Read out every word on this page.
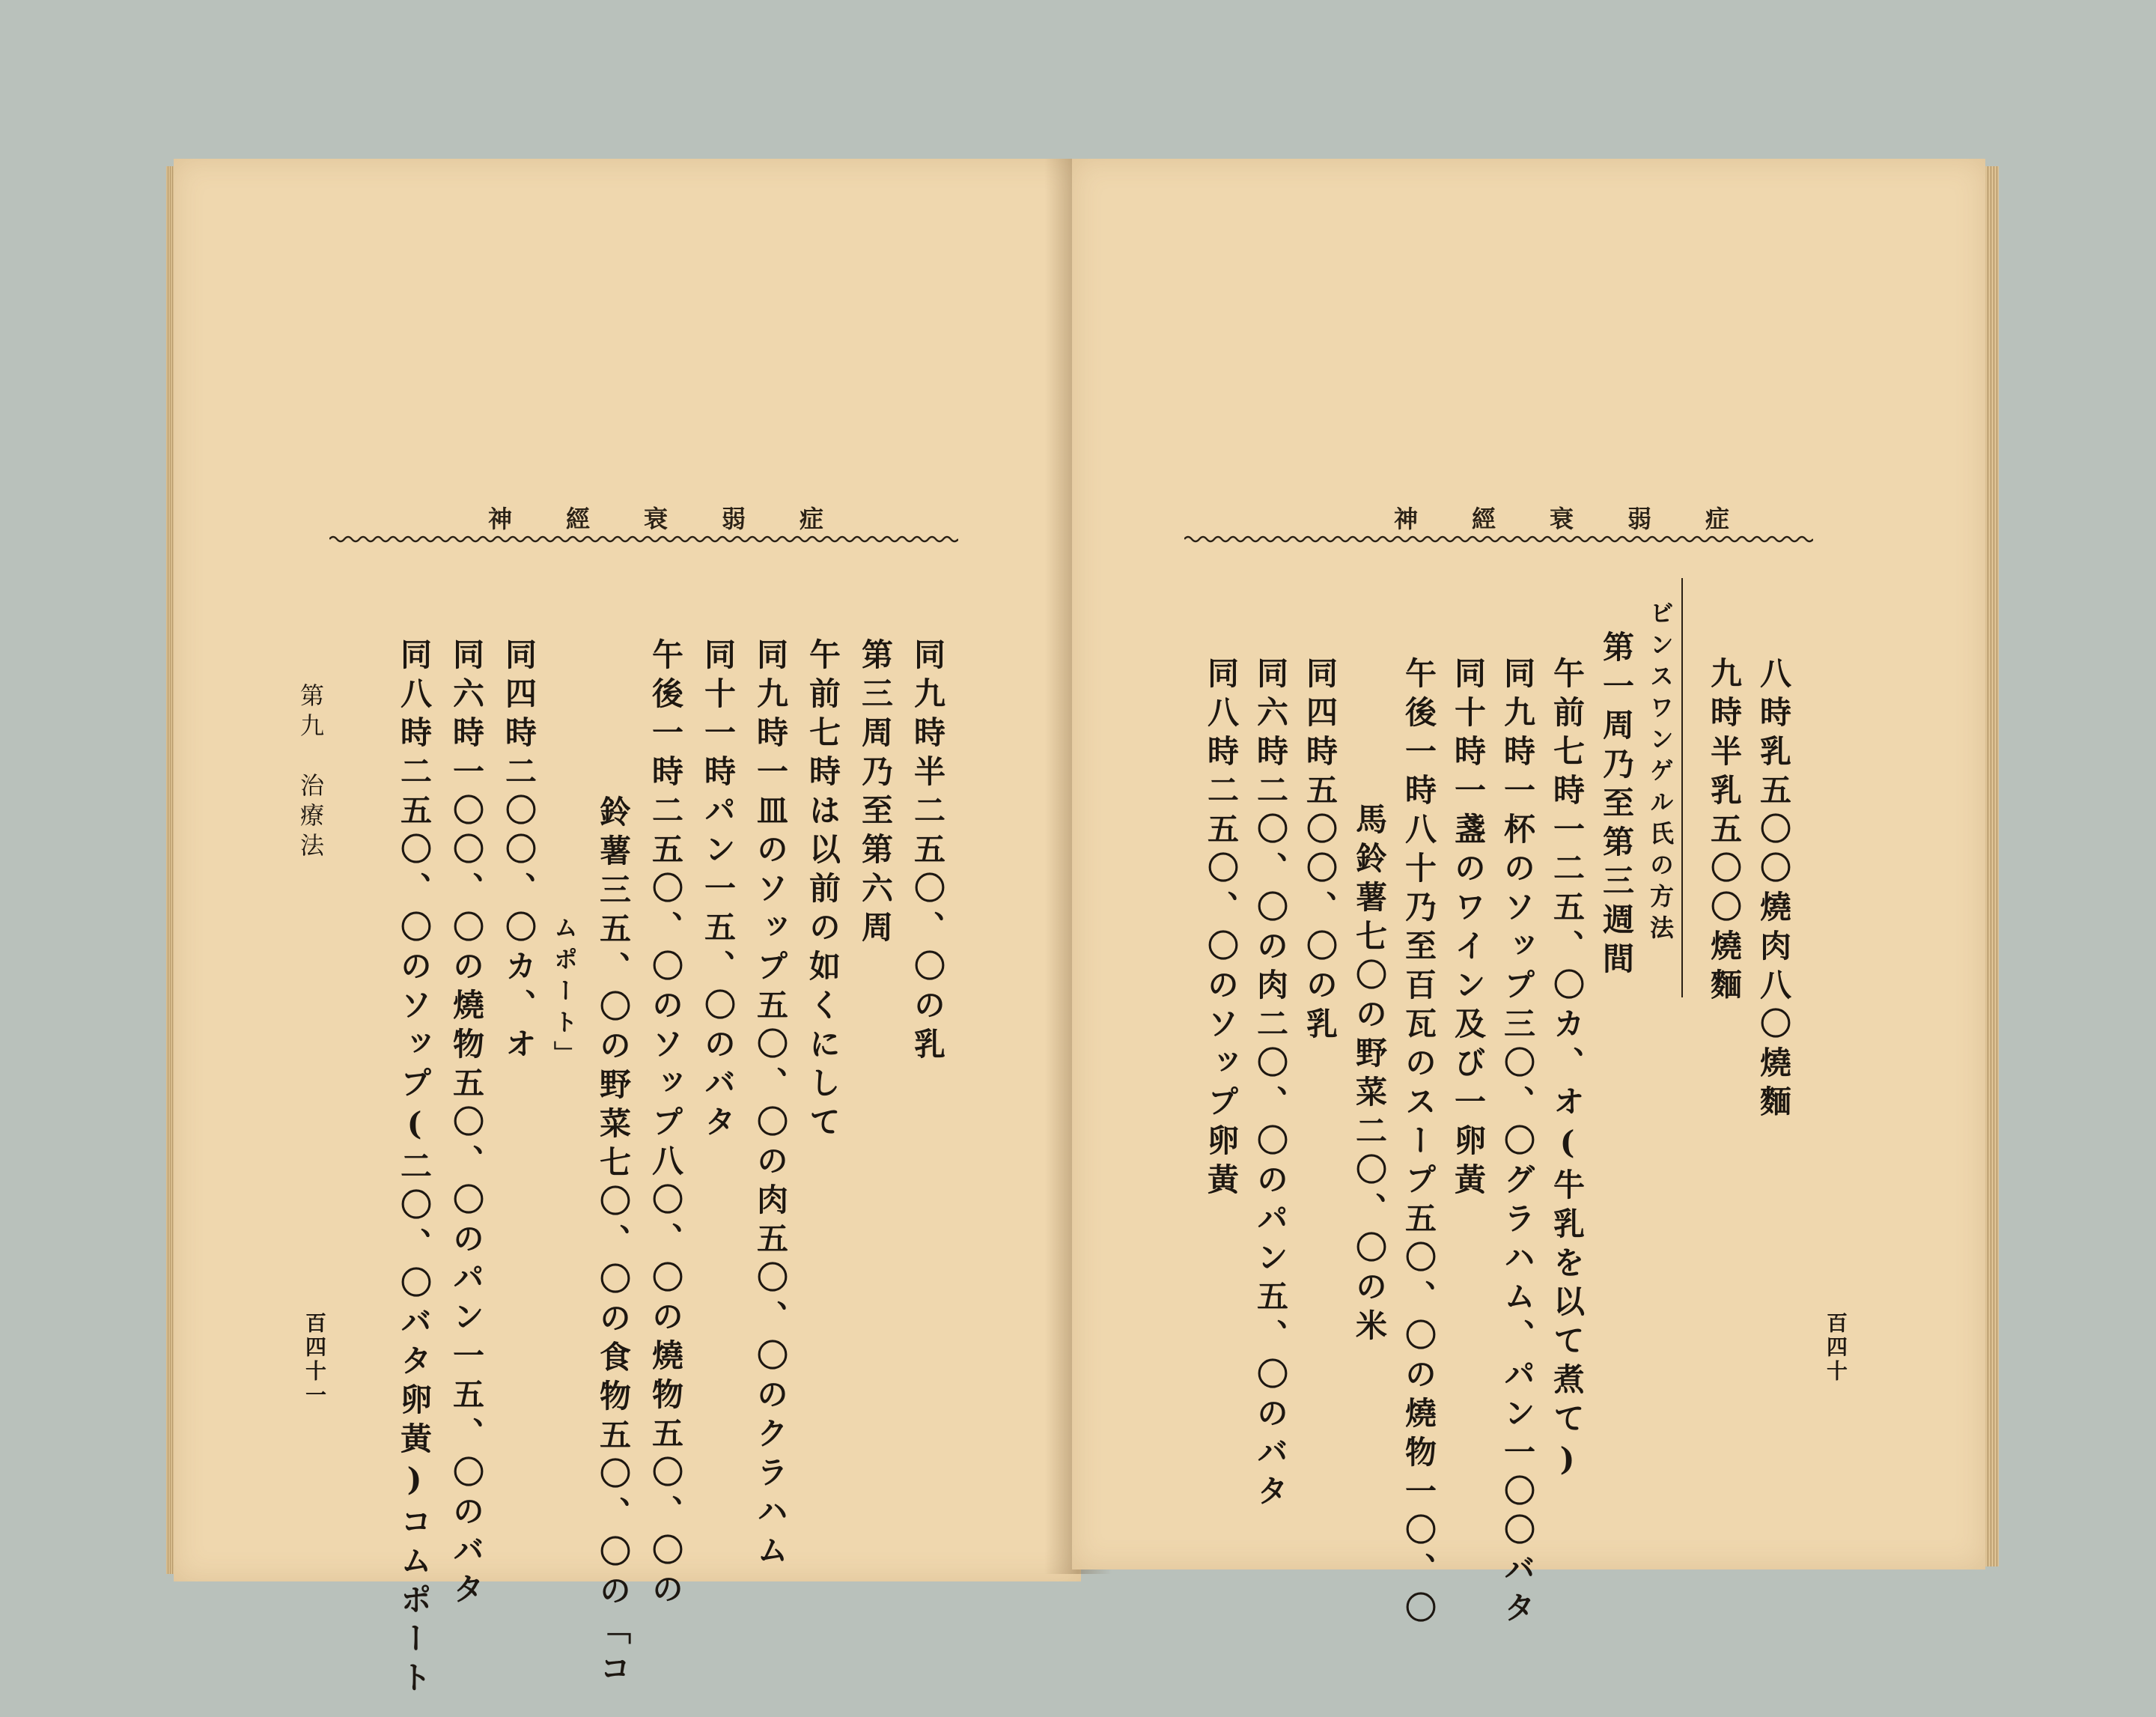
神經衰弱症
同九時半二五〇、〇の乳
第三周乃至第六周
午前七時は以前の如くにして
同九時一皿のソップ五〇、〇の肉五〇、〇のクラハム
同十一時パン一五、〇のバタ
午後一時二五〇、〇のソップ八〇、〇の燒物五〇、〇の
鈴薯三五、〇の野菜七〇、〇の食物五〇、〇の「コ
ムポート」
同四時二〇〇、〇カ、オ
同六時一〇〇、〇の燒物五〇、〇のパン一五、〇のバタ
同八時二五〇、〇のソップ(二〇、〇バタ卵黃)コムポート
第九　治療法
百四十一
神經衰弱症
八時乳五〇〇燒肉八〇燒麵
九時半乳五〇〇燒麵
ビンスワンゲル氏の方法
第一周乃至第三週間
午前七時一二五、〇カ、オ(牛乳を以て煮て)
同九時一杯のソップ三〇、〇グラハム、パン一〇〇バタ
同十時一盞のワイン及び一卵黃
午後一時八十乃至百瓦のスープ五〇、〇の燒物一〇、〇
馬鈴薯七〇の野菜二〇、〇の米
同四時五〇〇、〇の乳
同六時二〇、〇の肉二〇、〇のパン五、〇のバタ
同八時二五〇、〇のソップ卵黃
百四十
